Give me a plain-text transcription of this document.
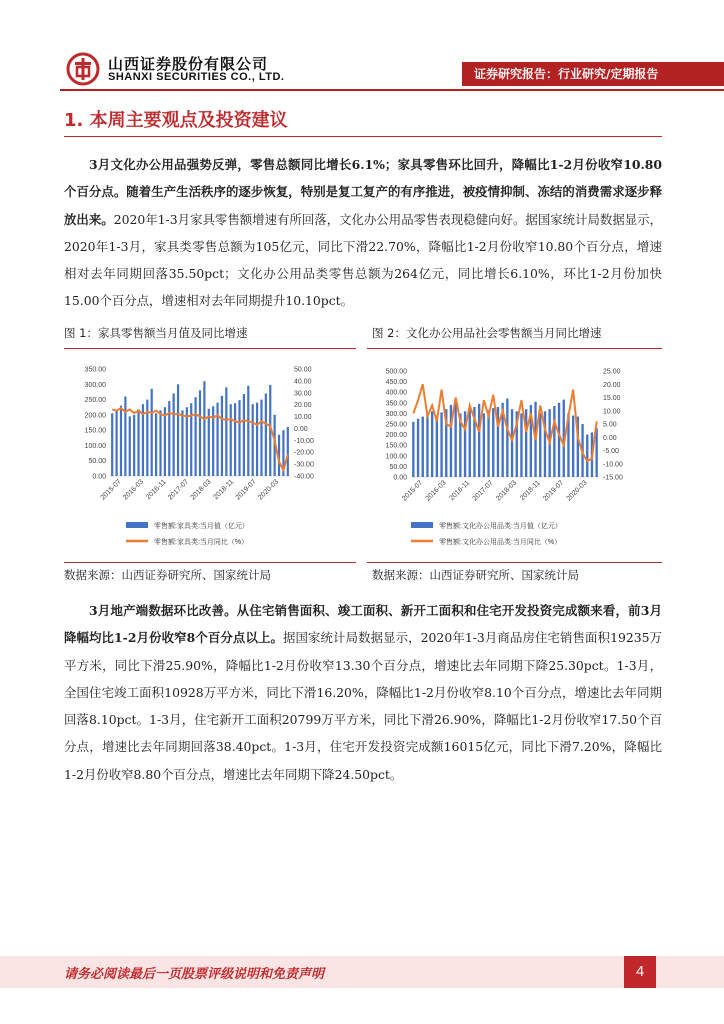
山西证券股份有限公司
SHANXI SECURITIES CO., LTD.	证券研究报告：行业研究/定期报告
1. 本周主要观点及投资建议
3月文化办公用品强势反弹，零售总额同比增长6.1%；家具零售环比回升，降幅比1-2月份收窄10.80个百分点。随着生产生活秩序的逐步恢复，特别是复工复产的有序推进，被疫情抑制、冻结的消费需求逐步释放出来。2020年1-3月家具零售额增速有所回落，文化办公用品零售表现稳健向好。据国家统计局数据显示，2020年1-3月，家具类零售总额为105亿元，同比下滑22.70%，降幅比1-2月份收窄10.80个百分点，增速相对去年同期回落35.50pct；文化办公用品类零售总额为264亿元，同比增长6.10%，环比1-2月份加快15.00个百分点，增速相对去年同期提升10.10pct。
图 1：家具零售额当月值及同比增速	图 2：文化办公用品社会零售额当月同比增速
0.00
50.00
100.00
150.00
200.00
250.00
300.00
350.00
-40.00
-30.00
-20.00
-10.00
0.00
10.00
20.00
30.00
40.00
50.00
2015-07 2016-03 2016-11 2017-07 2018-03 2018-11 2019-07 2020-03
零售额:家具类:当月值（亿元）
零售额:家具类:当月同比（%）
0.00
50.00
100.00
150.00
200.00
250.00
300.00
350.00
400.00
450.00
500.00
-15.00
-10.00
-5.00
0.00
5.00
10.00
15.00
20.00
25.00
2015-07 2016-03 2016-11 2017-07 2018-03 2018-11 2019-07 2020-03
零售额:文化办公用品类:当月值（亿元）
零售额:文化办公用品类:当月同比（%）
数据来源：山西证券研究所、国家统计局	数据来源：山西证券研究所、国家统计局
3月地产端数据环比改善。从住宅销售面积、竣工面积、新开工面积和住宅开发投资完成额来看，前3月降幅均比1-2月份收窄8个百分点以上。据国家统计局数据显示，2020年1-3月商品房住宅销售面积19235万平方米，同比下滑25.90%，降幅比1-2月份收窄13.30个百分点，增速比去年同期下降25.30pct。1-3月，全国住宅竣工面积10928万平方米，同比下滑16.20%，降幅比1-2月份收窄8.10个百分点，增速比去年同期回落8.10pct。1-3月，住宅新开工面积20799万平方米，同比下滑26.90%，降幅比1-2月份收窄17.50个百分点，增速比去年同期回落38.40pct。1-3月，住宅开发投资完成额16015亿元，同比下滑7.20%，降幅比1-2月份收窄8.80个百分点，增速比去年同期下降24.50pct。
请务必阅读最后一页股票评级说明和免责声明	4
